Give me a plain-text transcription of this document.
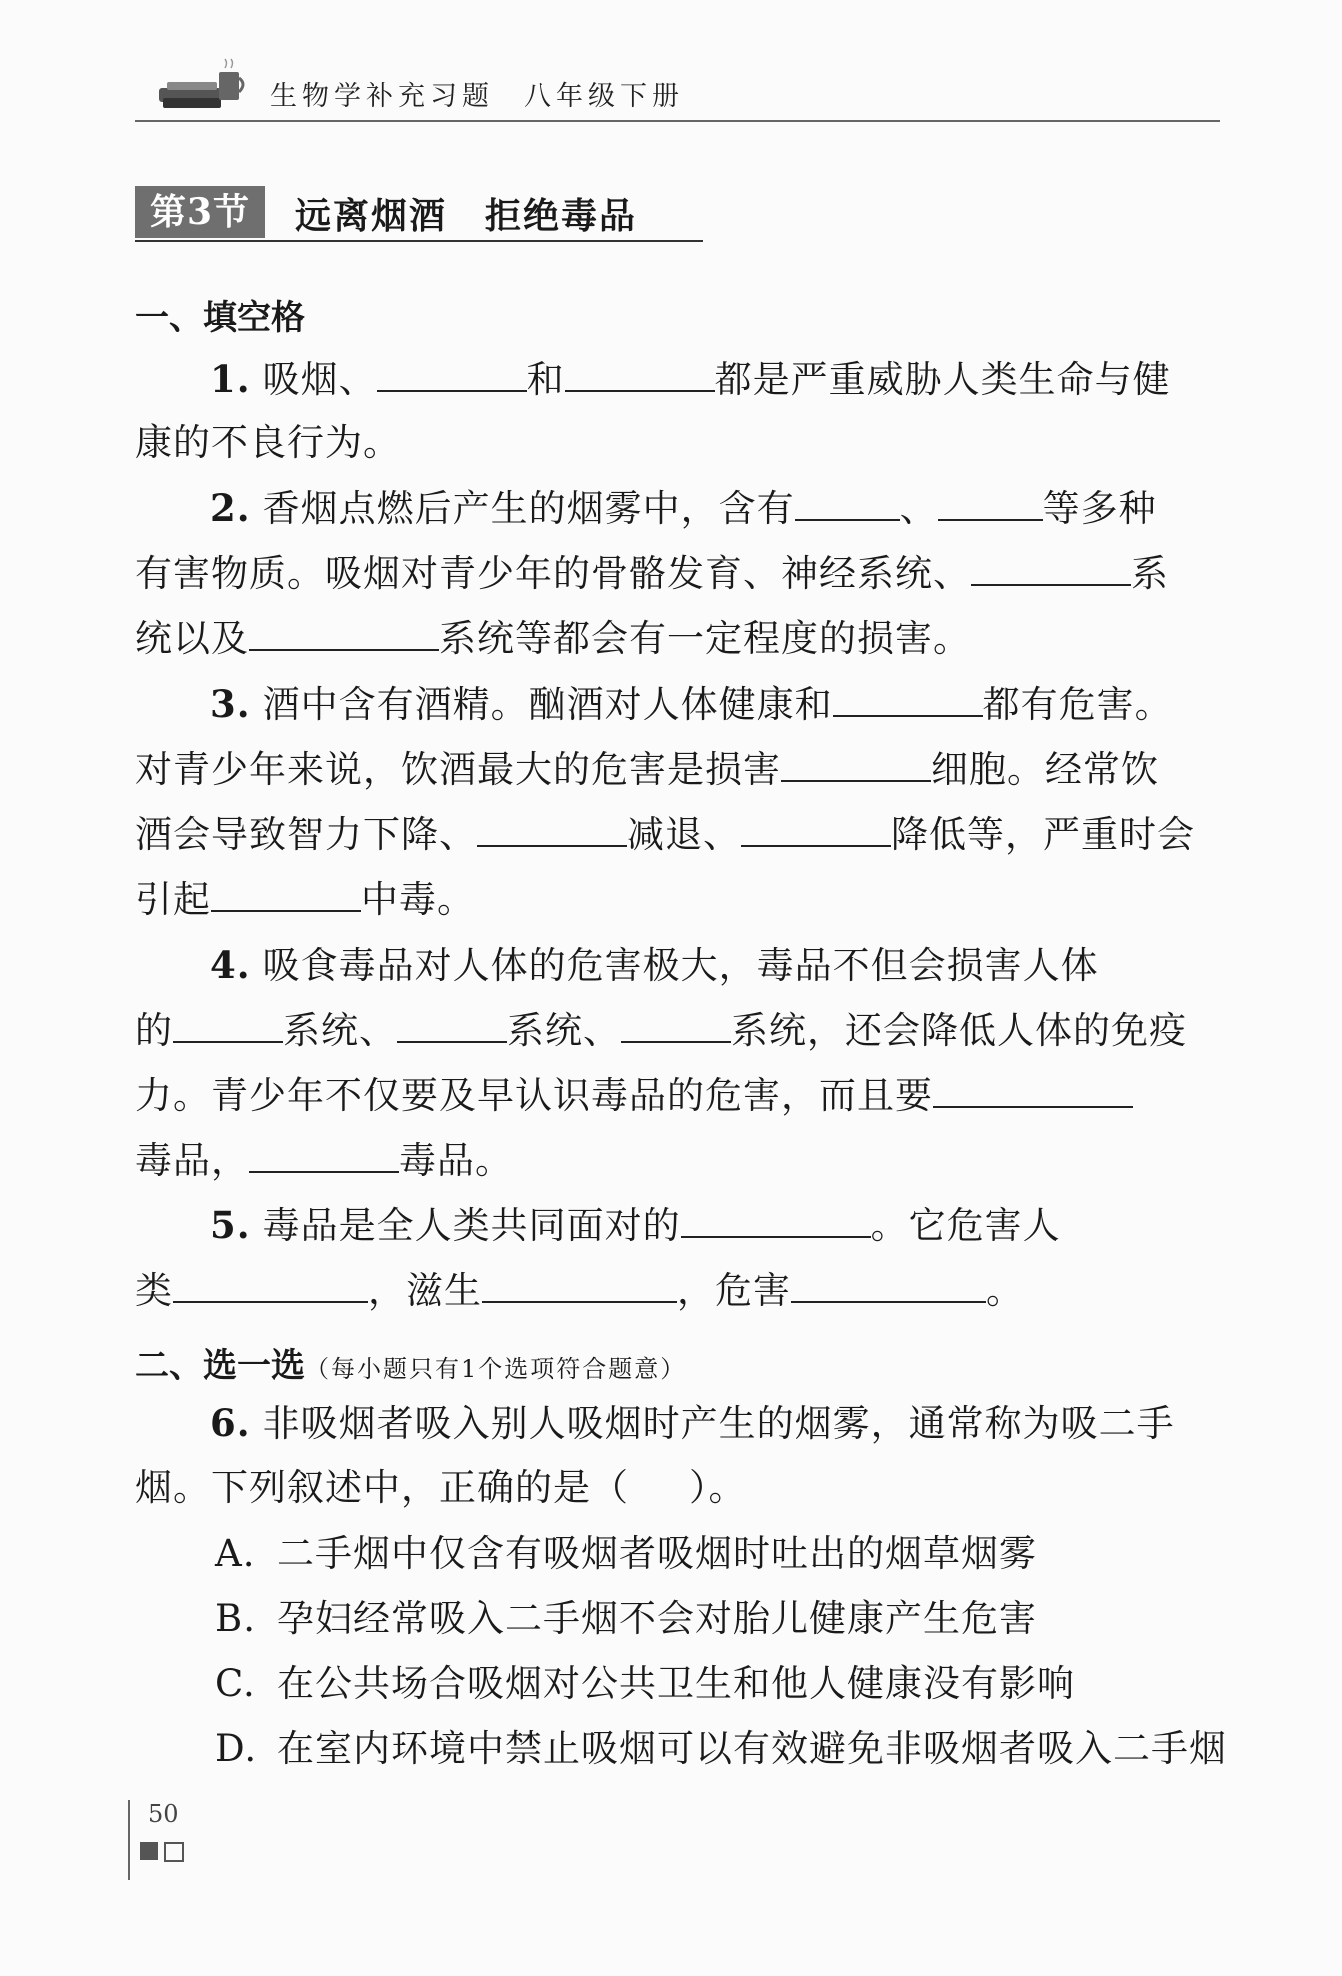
生物学补充习题 八年级下册
第3节	远离烟酒　拒绝毒品
一、填空格
1. 吸烟、	和	都是严重威胁人类生命与健
康的不良行为。
2. 香烟点燃后产生的烟雾中，含有	、	等多种
有害物质。吸烟对青少年的骨骼发育、神经系统、	系
统以及	系统等都会有一定程度的损害。
3. 酒中含有酒精。酗酒对人体健康和	都有危害。
对青少年来说，饮酒最大的危害是损害	细胞。经常饮
酒会导致智力下降、	减退、	降低等，严重时会
引起	中毒。
4. 吸食毒品对人体的危害极大，毒品不但会损害人体
的	系统、	系统、	系统，还会降低人体的免疫
力。青少年不仅要及早认识毒品的危害，而且要
毒品，	毒品。
5. 毒品是全人类共同面对的	。它危害人
类	，滋生	，危害	。
二、选一选（每小题只有1个选项符合题意）
6. 非吸烟者吸入别人吸烟时产生的烟雾，通常称为吸二手
烟。下列叙述中，正确的是（ ）。
A. 二手烟中仅含有吸烟者吸烟时吐出的烟草烟雾
B. 孕妇经常吸入二手烟不会对胎儿健康产生危害
C. 在公共场合吸烟对公共卫生和他人健康没有影响
D. 在室内环境中禁止吸烟可以有效避免非吸烟者吸入二手烟
50
